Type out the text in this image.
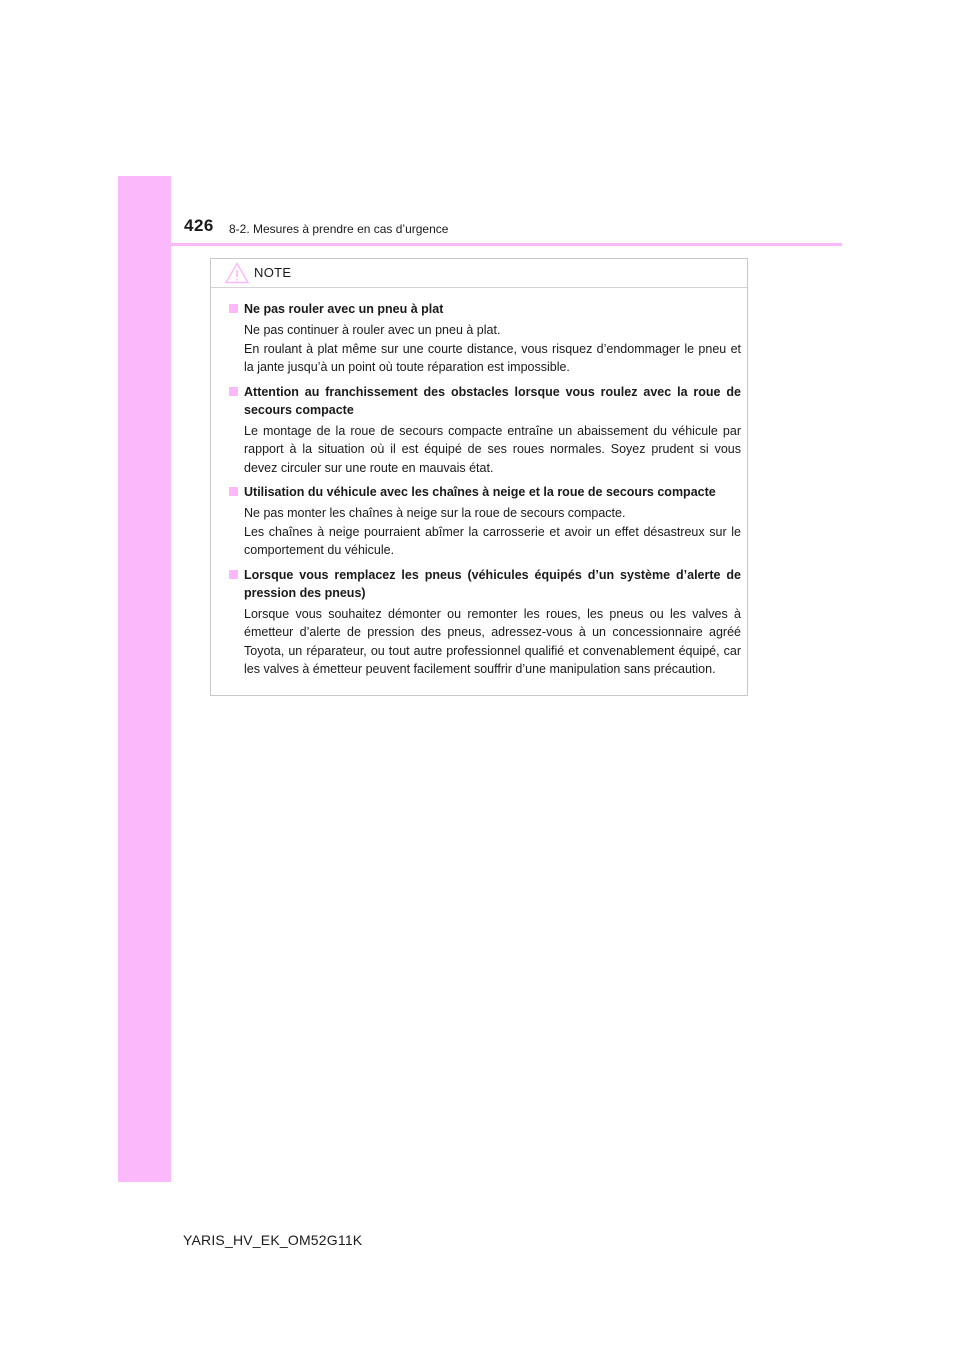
426 8-2. Mesures à prendre en cas d’urgence
NOTE
Ne pas rouler avec un pneu à plat

Ne pas continuer à rouler avec un pneu à plat.

En roulant à plat même sur une courte distance, vous risquez d’endommager le pneu et la jante jusqu’à un point où toute réparation est impossible.

Attention au franchissement des obstacles lorsque vous roulez avec la roue de secours compacte

Le montage de la roue de secours compacte entraîne un abaissement du véhicule par rapport à la situation où il est équipé de ses roues normales. Soyez prudent si vous devez circuler sur une route en mauvais état.

Utilisation du véhicule avec les chaînes à neige et la roue de secours compacte

Ne pas monter les chaînes à neige sur la roue de secours compacte.

Les chaînes à neige pourraient abîmer la carrosserie et avoir un effet désastreux sur le comportement du véhicule.

Lorsque vous remplacez les pneus (véhicules équipés d’un système d’alerte de pression des pneus)

Lorsque vous souhaitez démonter ou remonter les roues, les pneus ou les valves à émetteur d’alerte de pression des pneus, adressez-vous à un concessionnaire agréé Toyota, un réparateur, ou tout autre professionnel qualifié et convenablement équipé, car les valves à émetteur peuvent facilement souffrir d’une manipulation sans précaution.

YARIS_HV_EK_OM52G11K
